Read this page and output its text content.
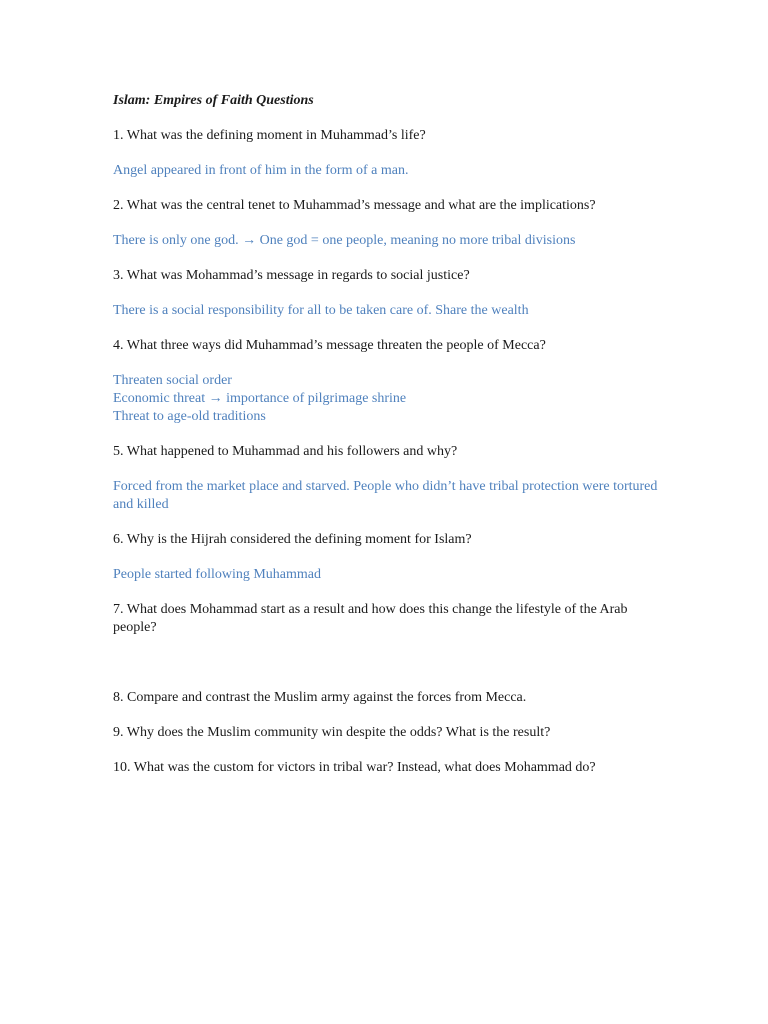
Islam: Empires of Faith Questions

1. What was the defining moment in Muhammad’s life?

Angel appeared in front of him in the form of a man.

2. What was the central tenet to Muhammad’s message and what are the implications?

There is only one god. → One god = one people, meaning no more tribal divisions

3. What was Mohammad’s message in regards to social justice?

There is a social responsibility for all to be taken care of. Share the wealth

4. What three ways did Muhammad’s message threaten the people of Mecca?

Threaten social order
Economic threat → importance of pilgrimage shrine
Threat to age-old traditions

5. What happened to Muhammad and his followers and why?

Forced from the market place and starved. People who didn’t have tribal protection were tortured and killed

6. Why is the Hijrah considered the defining moment for Islam?

People started following Muhammad

7. What does Mohammad start as a result and how does this change the lifestyle of the Arab people?

8. Compare and contrast the Muslim army against the forces from Mecca.

9. Why does the Muslim community win despite the odds? What is the result?

10. What was the custom for victors in tribal war? Instead, what does Mohammad do?
